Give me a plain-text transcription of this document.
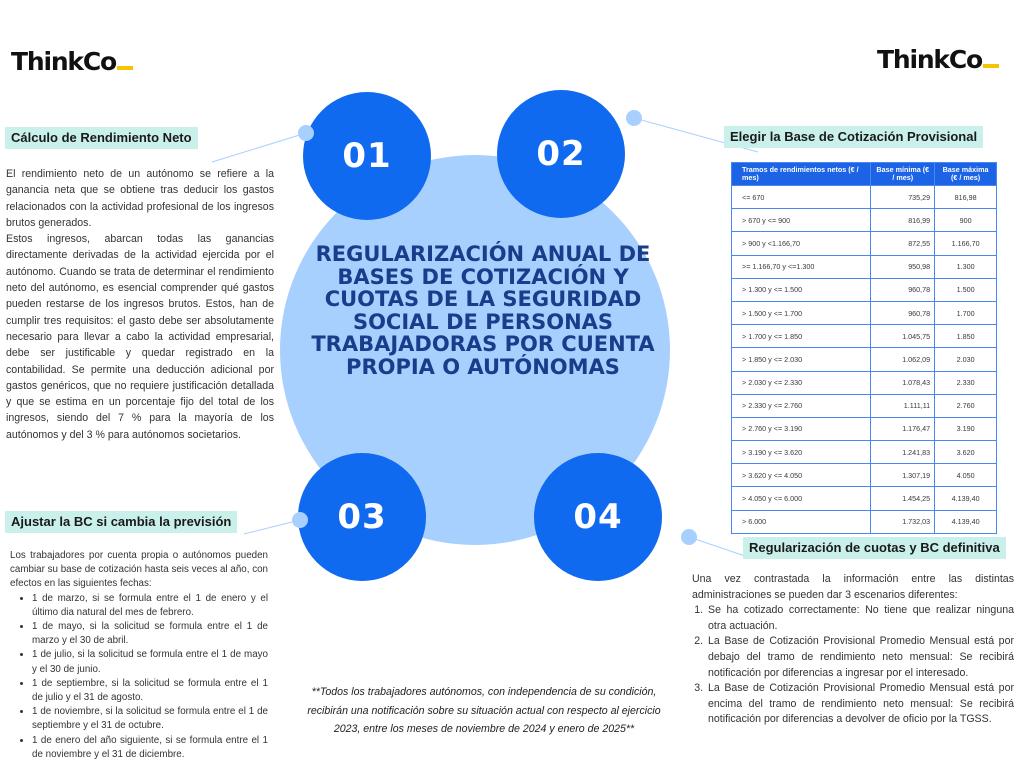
ThinkCo	ThinkCo
REGULARIZACIÓN ANUAL DE BASES DE COTIZACIÓN Y CUOTAS DE LA SEGURIDAD SOCIAL DE PERSONAS TRABAJADORAS POR CUENTA PROPIA O AUTÓNOMAS
01	02
03	04
Cálculo de Rendimiento Neto

El rendimiento neto de un autónomo se refiere a la ganancia neta que se obtiene tras deducir los gastos relacionados con la actividad profesional de los ingresos brutos generados.

Estos ingresos, abarcan todas las ganancias directamente derivadas de la actividad ejercida por el autónomo. Cuando se trata de determinar el rendimiento neto del autónomo, es esencial comprender qué gastos pueden restarse de los ingresos brutos. Estos, han de cumplir tres requisitos: el gasto debe ser absolutamente necesario para llevar a cabo la actividad empresarial, debe ser justificable y quedar registrado en la contabilidad. Se permite una deducción adicional por gastos genéricos, que no requiere justificación detallada y que se estima en un porcentaje fijo del total de los ingresos, siendo del 7 % para la mayoría de los autónomos y del 3 % para autónomos societarios.

Elegir la Base de Cotización Provisional
Tramos de rendimientos netos (€ / mes)	Base mínima (€ / mes)	Base máxima (€ / mes)
<= 670	735,29	816,98
> 670 y <= 900	816,99	900
> 900 y <1.166,70	872,55	1.166,70
>= 1.166,70 y <=1.300	950,98	1.300
> 1.300 y <= 1.500	960,78	1.500
> 1.500 y <= 1.700	960,78	1.700
> 1.700 y <= 1.850	1.045,75	1.850
> 1.850 y <= 2.030	1.062,09	2.030
> 2.030 y <= 2.330	1.078,43	2.330
> 2.330 y <= 2.760	1.111,11	2.760
> 2.760 y <= 3.190	1.176,47	3.190
> 3.190 y <= 3.620	1.241,83	3.620
> 3.620 y <= 4.050	1.307,19	4.050
> 4.050 y <= 6.000	1.454,25	4.139,40
> 6.000	1.732,03	4.139,40
Ajustar la BC si cambia la previsión

Los trabajadores por cuenta propia o autónomos pueden cambiar su base de cotización hasta seis veces al año, con efectos en las siguientes fechas:

• 1 de marzo, si se formula entre el 1 de enero y el último dia natural del mes de febrero.
• 1 de mayo, si la solicitud se formula entre el 1 de marzo y el 30 de abril.
• 1 de julio, si la solicitud se formula entre el 1 de mayo y el 30 de junio.
• 1 de septiembre, si la solicitud se formula entre el 1 de julio y el 31 de agosto.
• 1 de noviembre, si la solicitud se formula entre el 1 de septiembre y el 31 de octubre.
• 1 de enero del año siguiente, si se formula entre el 1 de noviembre y el 31 de diciembre.
Regularización de cuotas y BC definitiva

Una vez contrastada la información entre las distintas administraciones se pueden dar 3 escenarios diferentes:

1. Se ha cotizado correctamente: No tiene que realizar ninguna otra actuación.
2. La Base de Cotización Provisional Promedio Mensual está por debajo del tramo de rendimiento neto mensual: Se recibirá notificación por diferencias a ingresar por el interesado.
3. La Base de Cotización Provisional Promedio Mensual está por encima del tramo de rendimiento neto mensual: Se recibirá notificación por diferencias a devolver de oficio por la TGSS.
**Todos los trabajadores autónomos, con independencia de su condición, recibirán una notificación sobre su situación actual con respecto al ejercicio 2023, entre los meses de noviembre de 2024 y enero de 2025**
